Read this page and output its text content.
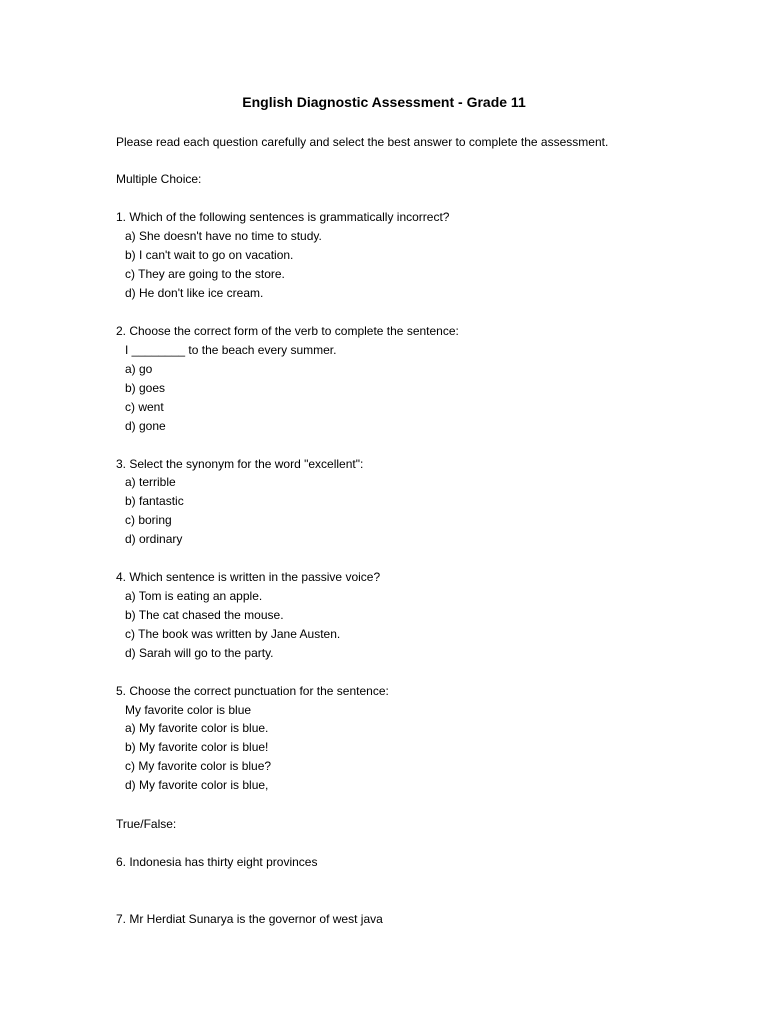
English Diagnostic Assessment - Grade 11
Please read each question carefully and select the best answer to complete the assessment.
Multiple Choice:
1. Which of the following sentences is grammatically incorrect?
a) She doesn't have no time to study.
b) I can't wait to go on vacation.
c) They are going to the store.
d) He don't like ice cream.
2. Choose the correct form of the verb to complete the sentence:
I ________ to the beach every summer.
a) go
b) goes
c) went
d) gone
3. Select the synonym for the word "excellent":
a) terrible
b) fantastic
c) boring
d) ordinary
4. Which sentence is written in the passive voice?
a) Tom is eating an apple.
b) The cat chased the mouse.
c) The book was written by Jane Austen.
d) Sarah will go to the party.
5. Choose the correct punctuation for the sentence:
My favorite color is blue
a) My favorite color is blue.
b) My favorite color is blue!
c) My favorite color is blue?
d) My favorite color is blue,
True/False:
6. Indonesia has thirty eight provinces
7. Mr Herdiat Sunarya is the governor of west java
